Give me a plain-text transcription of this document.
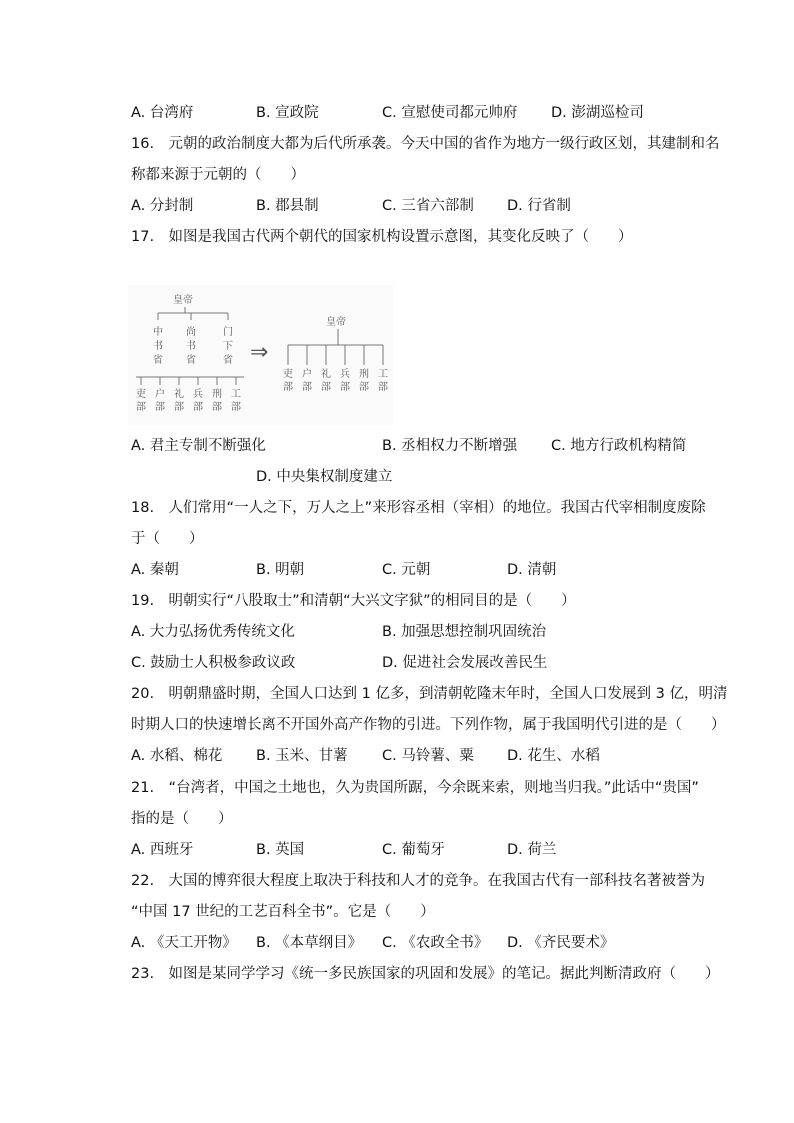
A. 台湾府	B. 宣政院	C. 宣慰使司都元帅府 D. 澎湖巡检司
16.　元朝的政治制度大都为后代所承袭。今天中国的省作为地方一级行政区划，其建制和名
称都来源于元朝的（　　）
A. 分封制	B. 郡县制	C. 三省六部制 D. 行省制
17.　如图是我国古代两个朝代的国家机构设置示意图，其变化反映了（　　）
皇帝
中书省
尚书省
门下省
吏部
户部
礼部
兵部
刑部
工部
⇒
皇帝
吏部
户部
礼部
兵部
刑部
工部
A. 君主专制不断强化	B. 丞相权力不断增强 C. 地方行政机构精简
D. 中央集权制度建立
18.　人们常用“一人之下，万人之上”来形容丞相（宰相）的地位。我国古代宰相制度废除
于（　　）
A. 秦朝	B. 明朝	C. 元朝	D. 清朝
19.　明朝实行“八股取士”和清朝“大兴文字狱”的相同目的是（　　）
A. 大力弘扬优秀传统文化	B. 加强思想控制巩固统治
C. 鼓励士人积极参政议政	D. 促进社会发展改善民生
20.　明朝鼎盛时期，全国人口达到 1 亿多，到清朝乾隆末年时，全国人口发展到 3 亿，明清
时期人口的快速增长离不开国外高产作物的引进。下列作物，属于我国明代引进的是（　　）
A. 水稻、棉花 B. 玉米、甘薯 C. 马铃薯、粟 D. 花生、水稻
21.　“台湾者，中国之土地也，久为贵国所踞，今余既来索，则地当归我。”此话中“贵国”
指的是（　　）
A. 西班牙	B. 英国	C. 葡萄牙	D. 荷兰
22.　大国的博弈很大程度上取决于科技和人才的竞争。在我国古代有一部科技名著被誉为
“中国 17 世纪的工艺百科全书”。它是（　　）
A. 《天工开物》 B. 《本草纲目》 C. 《农政全书》 D. 《齐民要术》
23.　如图是某同学学习《统一多民族国家的巩固和发展》的笔记。据此判断清政府（　　）
